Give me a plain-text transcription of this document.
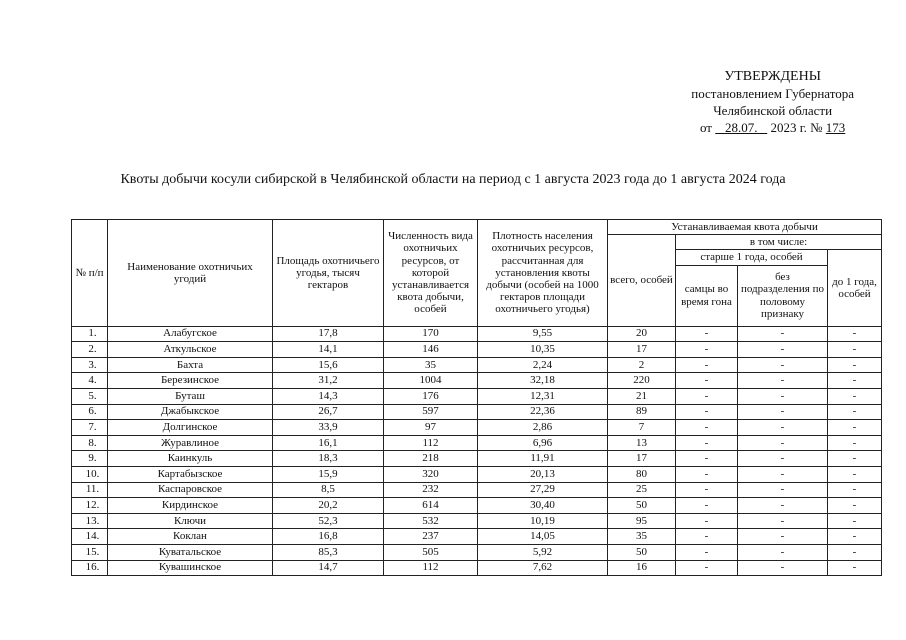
УТВЕРЖДЕНЫ
постановлением Губернатора
Челябинской области
от 28.07. 2023 г. № 173
Квоты добычи косули сибирской в Челябинской области на период с 1 августа 2023 года до 1 августа 2024 года
№ п/п	Наименование охотничьих угодий	Площадь охотничьего угодья, тысяч гектаров	Численность вида охотничьих ресурсов, от которой устанавливается квота добычи, особей	Плотность населения охотничьих ресурсов, рассчитанная для установления квоты добычи (особей на 1000 гектаров площади охотничьего угодья)	Устанавливаемая квота добычи			
					всего, особей	в том числе:		
						старше 1 года, особей		до 1 года, особей
						самцы во время гона	без подразделения по половому признаку	
1.	Алабугское	17,8	170	9,55	20	-	-	-
2.	Аткульское	14,1	146	10,35	17	-	-	-
3.	Бахта	15,6	35	2,24	2	-	-	-
4.	Березинское	31,2	1004	32,18	220	-	-	-
5.	Буташ	14,3	176	12,31	21	-	-	-
6.	Джабыкское	26,7	597	22,36	89	-	-	-
7.	Долгинское	33,9	97	2,86	7	-	-	-
8.	Журавлиное	16,1	112	6,96	13	-	-	-
9.	Каинкуль	18,3	218	11,91	17	-	-	-
10.	Картабызское	15,9	320	20,13	80	-	-	-
11.	Каспаровское	8,5	232	27,29	25	-	-	-
12.	Кирдинское	20,2	614	30,40	50	-	-	-
13.	Ключи	52,3	532	10,19	95	-	-	-
14.	Коклан	16,8	237	14,05	35	-	-	-
15.	Куватальское	85,3	505	5,92	50	-	-	-
16.	Кувашинское	14,7	112	7,62	16	-	-	-
